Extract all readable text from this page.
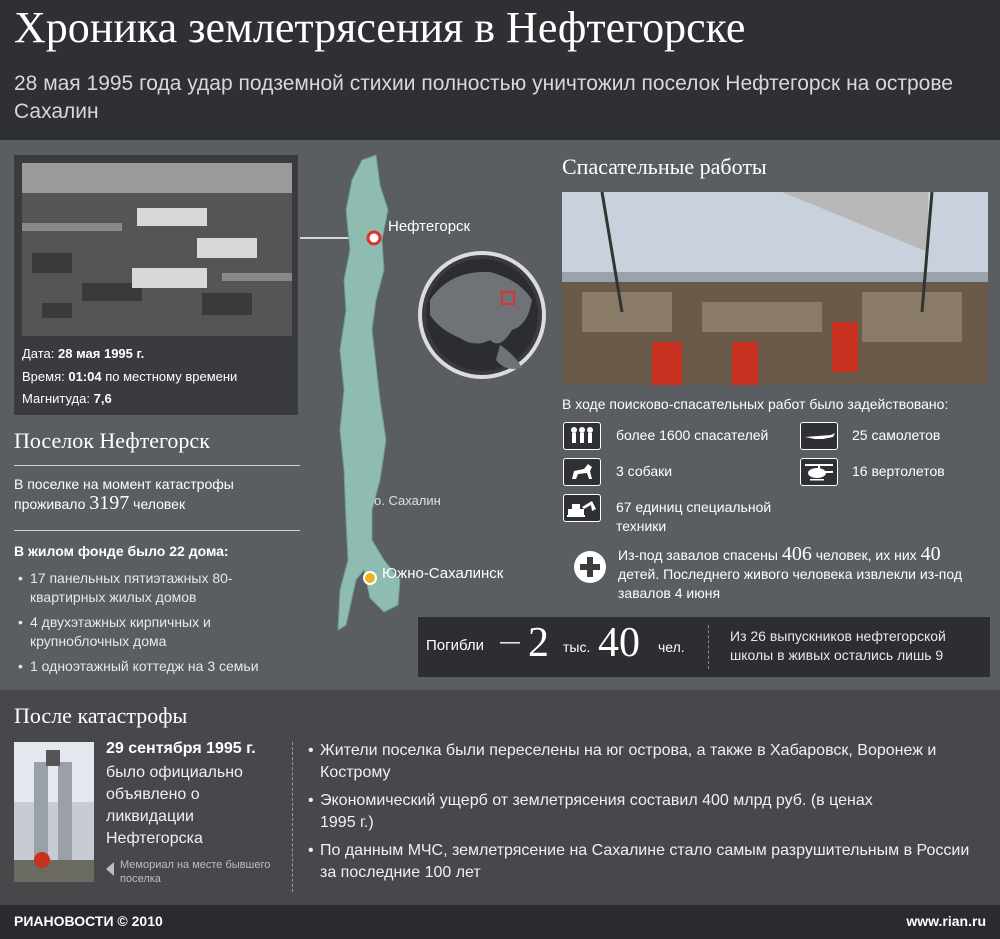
Хроника землетрясения в Нефтегорске
28 мая 1995 года удар подземной стихии полностью уничтожил поселок Нефтегорск на острове Сахалин
Дата: 28 мая 1995 г.
Время: 01:04 по местному времени
Магнитуда: 7,6
Поселок Нефтегорск
В поселке на момент катастрофы проживало 3197 человек
В жилом фонде было 22 дома:
• 17 панельных пятиэтажных 80-квартирных жилых домов
• 4 двухэтажных кирпичных и крупноблочных дома
• 1 одноэтажный коттедж на 3 семьи
Нефтегорск
о. Сахалин
Южно-Сахалинск
Спасательные работы
В ходе поисково-спасательных работ было задействовано:
более 1600 спасателей	25 самолетов
3 собаки	16 вертолетов
67 единиц специальной техники
Из-под завалов спасены 406 человек, их них 40 детей. Последнего живого человека извлекли из-под завалов 4 июня
Погибли — 2 тыс. 40 чел.
Из 26 выпускников нефтегорской школы в живых остались лишь 9
После катастрофы
29 сентября 1995 г.
было официально объявлено о ликвидации Нефтегорска
Мемориал на месте бывшего поселка
• Жители поселка были переселены на юг острова, а также в Хабаровск, Воронеж и Кострому
• Экономический ущерб от землетрясения составил 400 млрд руб. (в ценах 1995 г.)
• По данным МЧС, землетрясение на Сахалине стало самым разрушительным в России за последние 100 лет
РИАНОВОСТИ © 2010	www.rian.ru
